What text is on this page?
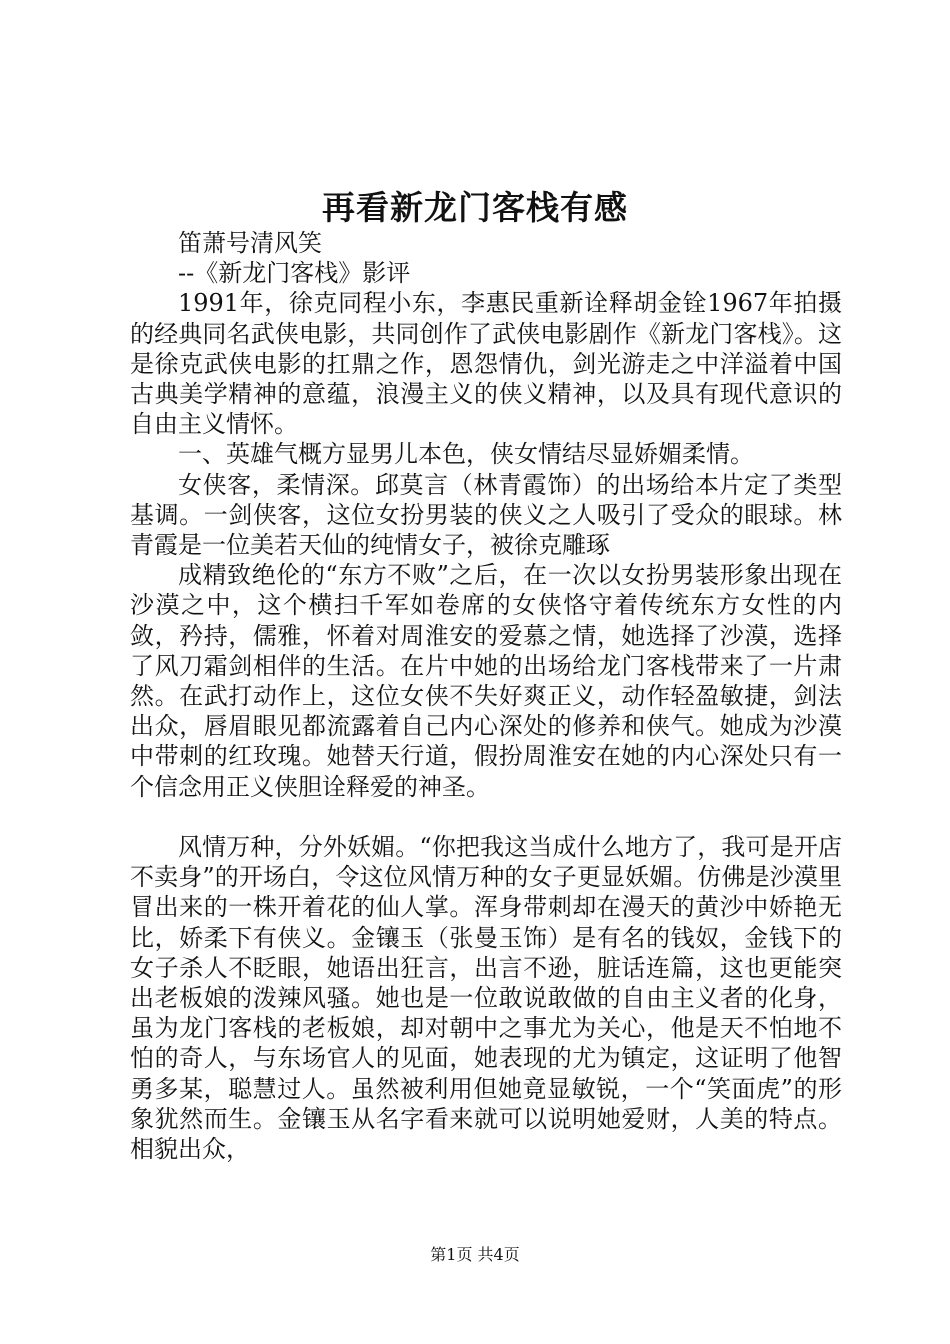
再看新龙门客栈有感

笛萧号清风笑

--《新龙门客栈》影评

1991年，徐克同程小东，李惠民重新诠释胡金铨1967年拍摄的经典同名武侠电影，共同创作了武侠电影剧作《新龙门客栈》。这是徐克武侠电影的扛鼎之作，恩怨情仇，剑光游走之中洋溢着中国古典美学精神的意蕴，浪漫主义的侠义精神，以及具有现代意识的自由主义情怀。

一、英雄气概方显男儿本色，侠女情结尽显娇媚柔情。

女侠客，柔情深。邱莫言（林青霞饰）的出场给本片定了类型基调。一剑侠客，这位女扮男装的侠义之人吸引了受众的眼球。林青霞是一位美若天仙的纯情女子，被徐克雕琢

成精致绝伦的“东方不败”之后，在一次以女扮男装形象出现在沙漠之中，这个横扫千军如卷席的女侠恪守着传统东方女性的内敛，矜持，儒雅，怀着对周淮安的爱慕之情，她选择了沙漠，选择了风刀霜剑相伴的生活。在片中她的出场给龙门客栈带来了一片肃然。在武打动作上，这位女侠不失好爽正义，动作轻盈敏捷，剑法出众，唇眉眼见都流露着自己内心深处的修养和侠气。她成为沙漠中带刺的红玫瑰。她替天行道，假扮周淮安在她的内心深处只有一个信念用正义侠胆诠释爱的神圣。

风情万种，分外妖媚。“你把我这当成什么地方了，我可是开店不卖身”的开场白，令这位风情万种的女子更显妖媚。仿佛是沙漠里冒出来的一株开着花的仙人掌。浑身带刺却在漫天的黄沙中娇艳无比，娇柔下有侠义。金镶玉（张曼玉饰）是有名的钱奴，金钱下的女子杀人不眨眼，她语出狂言，出言不逊，脏话连篇，这也更能突出老板娘的泼辣风骚。她也是一位敢说敢做的自由主义者的化身，虽为龙门客栈的老板娘，却对朝中之事尤为关心，他是天不怕地不怕的奇人，与东场官人的见面，她表现的尤为镇定，这证明了他智勇多某，聪慧过人。虽然被利用但她竟显敏锐，一个“笑面虎”的形象犹然而生。金镶玉从名字看来就可以说明她爱财，人美的特点。相貌出众，

第1页 共4页
